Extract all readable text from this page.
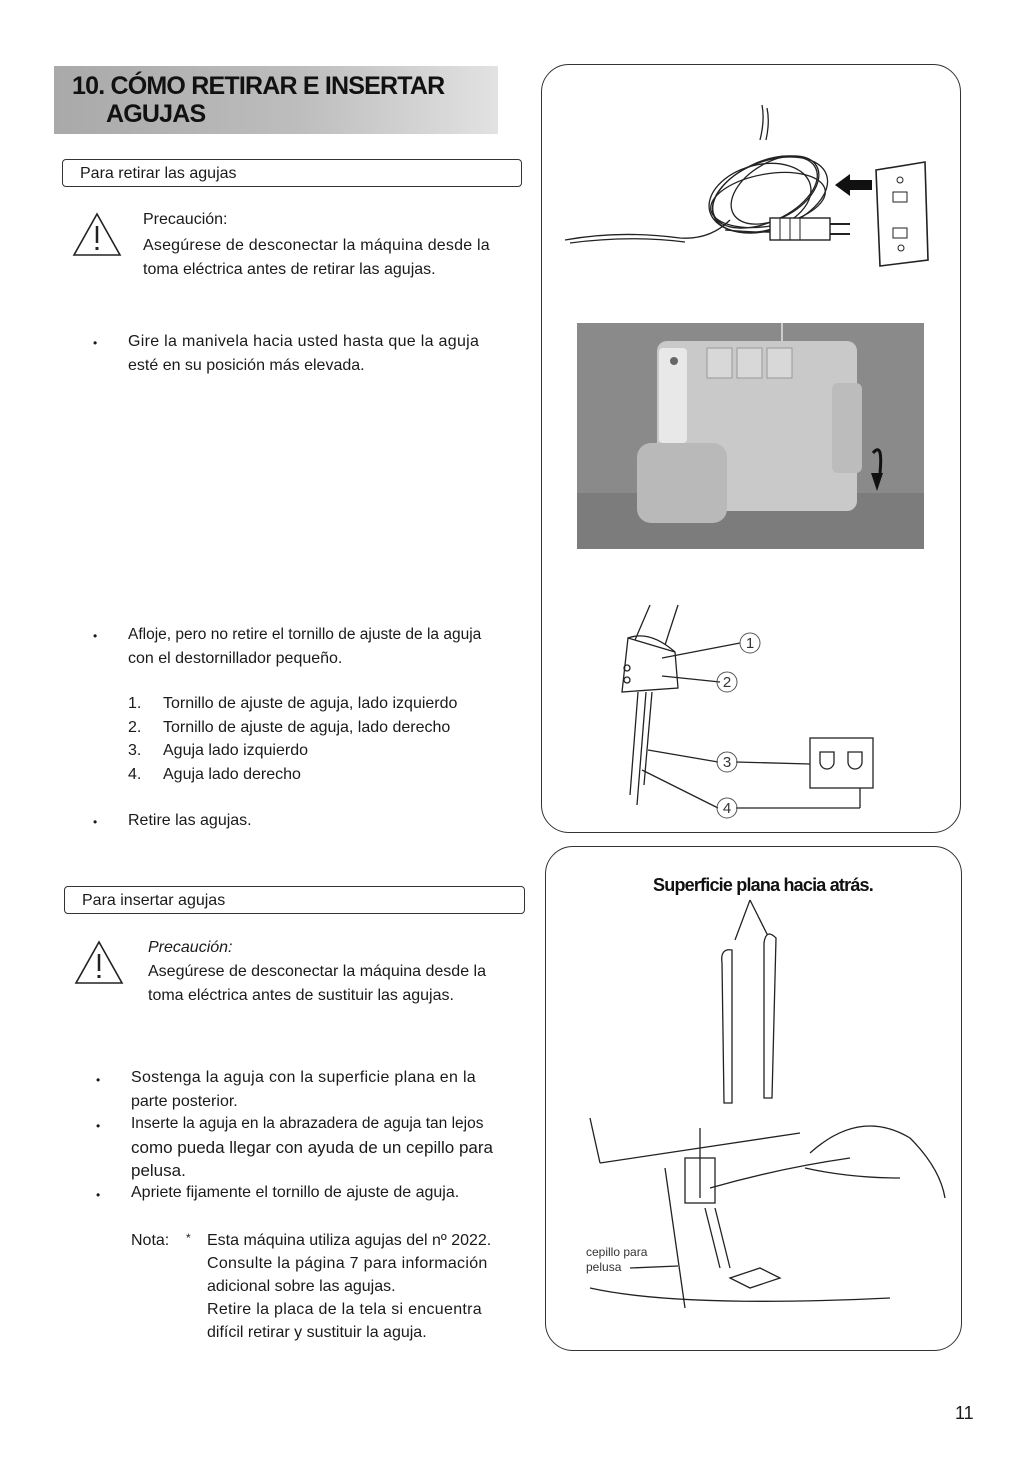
10. CÓMO RETIRAR E INSERTAR
AGUJAS
Para retirar las agujas
Precaución:
Asegúrese de desconectar la máquina desde la
toma eléctrica antes de retirar las agujas.
• Gire la manivela hacia usted hasta que la aguja
esté en su posición más elevada.
• Afloje, pero no retire el tornillo de ajuste de la aguja
con el destornillador pequeño.
1. Tornillo de ajuste de aguja, lado izquierdo
2. Tornillo de ajuste de aguja, lado derecho
3. Aguja lado izquierdo
4. Aguja lado derecho
• Retire las agujas.
Para insertar agujas
Precaución:
Asegúrese de desconectar la máquina desde la
toma eléctrica antes de sustituir las agujas.
• Sostenga la aguja con la superficie plana en la
parte posterior.
• Inserte la aguja en la abrazadera de aguja tan lejos
como pueda llegar con ayuda de un cepillo para
pelusa.
• Apriete fijamente el tornillo de ajuste de aguja.
Nota: * Esta máquina utiliza agujas del nº 2022.
Consulte la página 7 para información
adicional sobre las agujas.
Retire la placa de la tela si encuentra
difícil retirar y sustituir la aguja.
1
2
3
4
Superficie plana hacia atrás.
cepillo para
pelusa
11
